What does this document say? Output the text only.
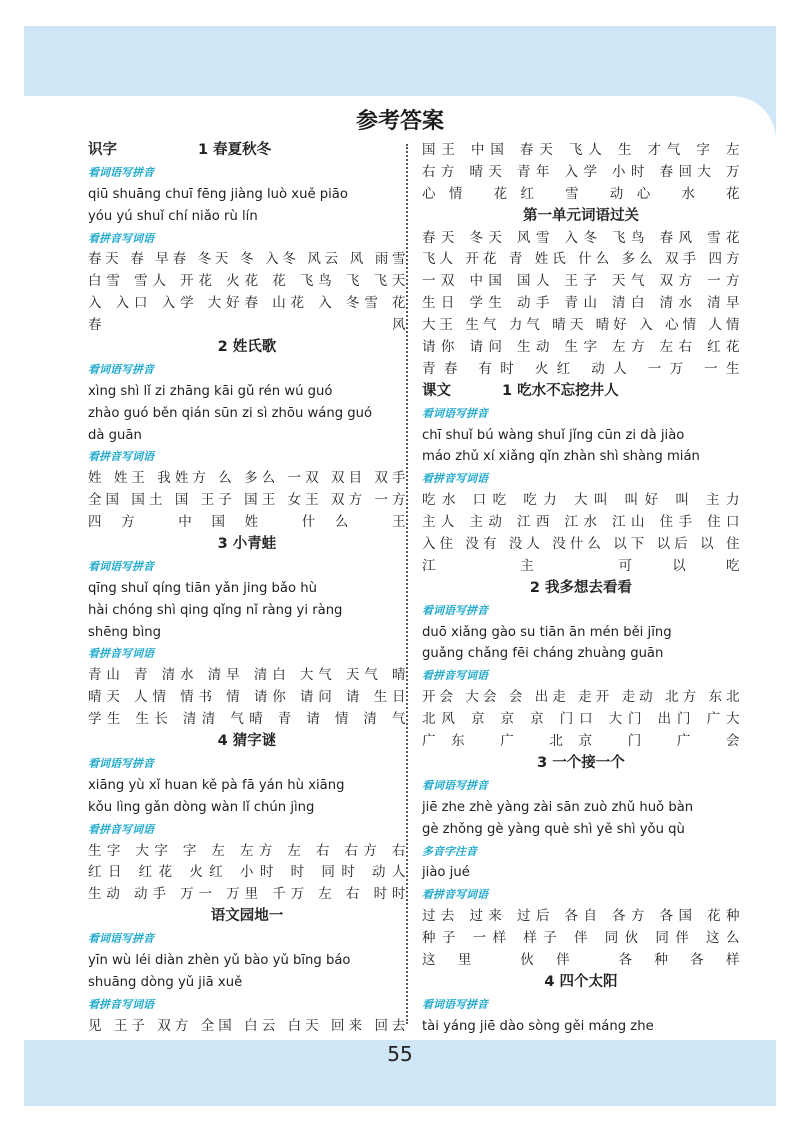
参考答案
识字	1 春夏秋冬
看词语写拼音
qiū shuāng chuī fēng jiàng luò xuě piāo
yóu yú shuǐ chí niǎo rù lín
看拼音写词语
春天 春 早春 冬天 冬 入冬 风云 风 雨雪
白雪 雪人 开花 火花 花 飞鸟 飞 飞天
入 入口 入学 大好春 山花 入 冬雪 花
春风
2 姓氏歌
看词语写拼音
xìng shì lǐ zi zhāng kāi gǔ rén wú guó
zhào guó běn qián sūn zi sì zhōu wáng guó
dà guān
看拼音写词语
姓 姓王 我姓方 么 多么 一双 双目 双手
全国 国土 国 王子 国王 女王 双方 一方
四方 中国姓 什么 王
3 小青蛙
看词语写拼音
qīng shuǐ qíng tiān yǎn jing bǎo hù
hài chóng shì qing qǐng nǐ ràng yi ràng
shēng bìng
看拼音写词语
青山 青 清水 清早 清白 大气 天气 晴
晴天 人情 情书 情 请你 请问 请 生日
学生 生长 清清 气晴 青 请 情 清 气
4 猜字谜
看词语写拼音
xiāng yù xǐ huan kě pà fā yán hù xiāng
kǒu lìng gǎn dòng wàn lǐ chún jìng
看拼音写词语
生字 大字 字 左 左方 左 右 右方 右
红日 红花 火红 小时 时 同时 动人
生动 动手 万一 万里 千万 左 右 时时
语文园地一
看词语写拼音
yīn wù léi diàn zhèn yǔ bào yǔ bīng báo
shuāng dòng yǔ jiā xuě
看拼音写词语
见 王子 双方 全国 白云 白天 回来 回去
国王 中国 春天 飞人 生 才气 字 左
右方 晴天 青年 入学 小时 春回大 万
心情 花红 雪 动心 水 花
第一单元词语过关
春天 冬天 风雪 入冬 飞鸟 春风 雪花
飞人 开花 青 姓氏 什么 多么 双手 四方
一双 中国 国人 王子 天气 双方 一方
生日 学生 动手 青山 清白 清水 清早
大王 生气 力气 晴天 晴好 入 心情 人情
请你 请问 生动 生字 左方 左右 红花
青春 有时 火红 动人 一万 一生
课文	1 吃水不忘挖井人
看词语写拼音
chī shuǐ bú wàng shuǐ jǐng cūn zi dà jiào
máo zhǔ xí xiǎng qǐn zhàn shì shàng mián
看拼音写词语
吃水 口吃 吃力 大叫 叫好 叫 主力
主人 主动 江西 江水 江山 住手 住口
入住 没有 没人 没什么 以下 以后 以 住
江 主 可以吃
2 我多想去看看
看词语写拼音
duō xiǎng gào su tiān ān mén běi jīng
guǎng chǎng fēi cháng zhuàng guān
看拼音写词语
开会 大会 会 出走 走开 走动 北方 东北
北风 京 京 京 门口 大门 出门 广大
广东 广 北京 门 广 会
3 一个接一个
看词语写拼音
jiē zhe zhè yàng zài sān zuò zhǔ huǒ bàn
gè zhǒng gè yàng què shì yě shì yǒu qù
多音字注音
jiào jué
看拼音写词语
过去 过来 过后 各自 各方 各国 花种
种子 一样 样子 伴 同伙 同伴 这么
这里 伙伴 各种各样
4 四个太阳
看词语写拼音
tài yáng jiē dào sòng gěi máng zhe
55
